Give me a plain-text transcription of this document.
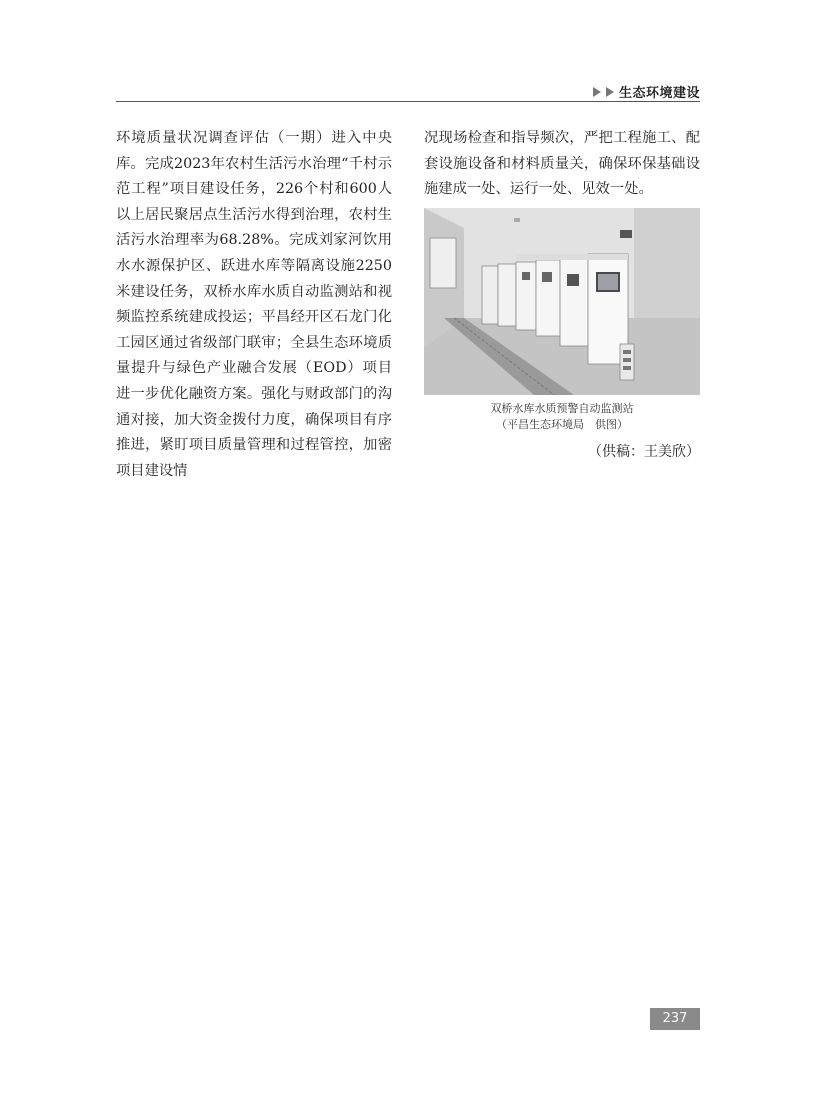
生态环境建设

环境质量状况调查评估（一期）进入中央库。完成2023年农村生活污水治理“千村示范工程”项目建设任务，226个村和600人以上居民聚居点生活污水得到治理，农村生活污水治理率为68.28%。完成刘家河饮用水水源保护区、跃进水库等隔离设施2250米建设任务，双桥水库水质自动监测站和视频监控系统建成投运；平昌经开区石龙门化工园区通过省级部门联审；全县生态环境质量提升与绿色产业融合发展（EOD）项目进一步优化融资方案。强化与财政部门的沟通对接，加大资金拨付力度，确保项目有序推进，紧盯项目质量管理和过程管控，加密项目建设情

况现场检查和指导频次，严把工程施工、配套设施设备和材料质量关，确保环保基础设施建成一处、运行一处、见效一处。

双桥水库水质预警自动监测站
（平昌生态环境局　供图）
（供稿：王美欣）
237
